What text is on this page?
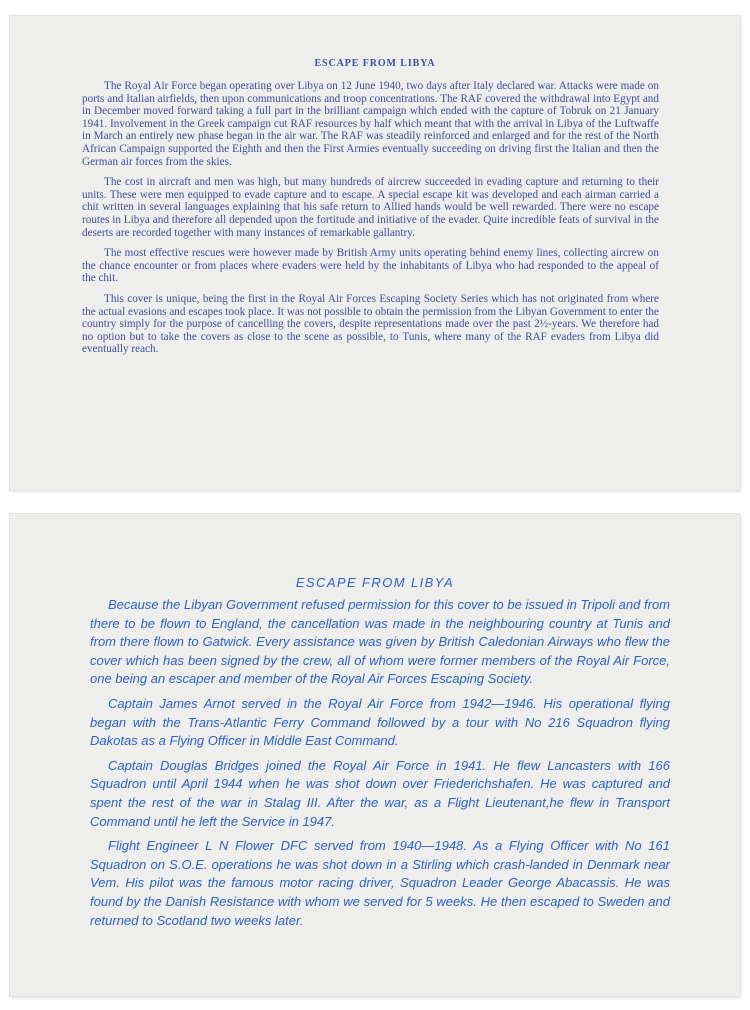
ESCAPE FROM LIBYA

The Royal Air Force began operating over Libya on 12 June 1940, two days after Italy declared war. Attacks were made on ports and Italian airfields, then upon communications and troop concentrations. The RAF covered the withdrawal into Egypt and in December moved forward taking a full part in the brilliant campaign which ended with the capture of Tobruk on 21 January 1941. Involvement in the Greek campaign cut RAF resources by half which meant that with the arrival in Libya of the Luftwaffe in March an entirely new phase began in the air war. The RAF was steadily reinforced and enlarged and for the rest of the North African Campaign supported the Eighth and then the First Armies eventually succeeding on driving first the Italian and then the German air forces from the skies.

The cost in aircraft and men was high, but many hundreds of aircrew succeeded in evading capture and returning to their units. These were men equipped to evade capture and to escape. A special escape kit was developed and each airman carried a chit written in several languages explaining that his safe return to Allied hands would be well rewarded. There were no escape routes in Libya and therefore all depended upon the fortitude and initiative of the evader. Quite incredible feats of survival in the deserts are recorded together with many instances of remarkable gallantry.

The most effective rescues were however made by British Army units operating behind enemy lines, collecting aircrew on the chance encounter or from places where evaders were held by the inhabitants of Libya who had responded to the appeal of the chit.

This cover is unique, being the first in the Royal Air Forces Escaping Society Series which has not originated from where the actual evasions and escapes took place. It was not possible to obtain the permission from the Libyan Government to enter the country simply for the purpose of cancelling the covers, despite representations made over the past 2½-years. We therefore had no option but to take the covers as close to the scene as possible, to Tunis, where many of the RAF evaders from Libya did eventually reach.

ESCAPE FROM LIBYA

Because the Libyan Government refused permission for this cover to be issued in Tripoli and from there to be flown to England, the cancellation was made in the neighbouring country at Tunis and from there flown to Gatwick. Every assistance was given by British Caledonian Airways who flew the cover which has been signed by the crew, all of whom were former members of the Royal Air Force, one being an escaper and member of the Royal Air Forces Escaping Society.

Captain James Arnot served in the Royal Air Force from 1942—1946. His operational flying began with the Trans-Atlantic Ferry Command followed by a tour with No 216 Squadron flying Dakotas as a Flying Officer in Middle East Command.

Captain Douglas Bridges joined the Royal Air Force in 1941. He flew Lancasters with 166 Squadron until April 1944 when he was shot down over Friederichshafen. He was captured and spent the rest of the war in Stalag III. After the war, as a Flight Lieutenant,he flew in Transport Command until he left the Service in 1947.

Flight Engineer L N Flower DFC served from 1940—1948. As a Flying Officer with No 161 Squadron on S.O.E. operations he was shot down in a Stirling which crash-landed in Denmark near Vem. His pilot was the famous motor racing driver, Squadron Leader George Abacassis. He was found by the Danish Resistance with whom we served for 5 weeks. He then escaped to Sweden and returned to Scotland two weeks later.
